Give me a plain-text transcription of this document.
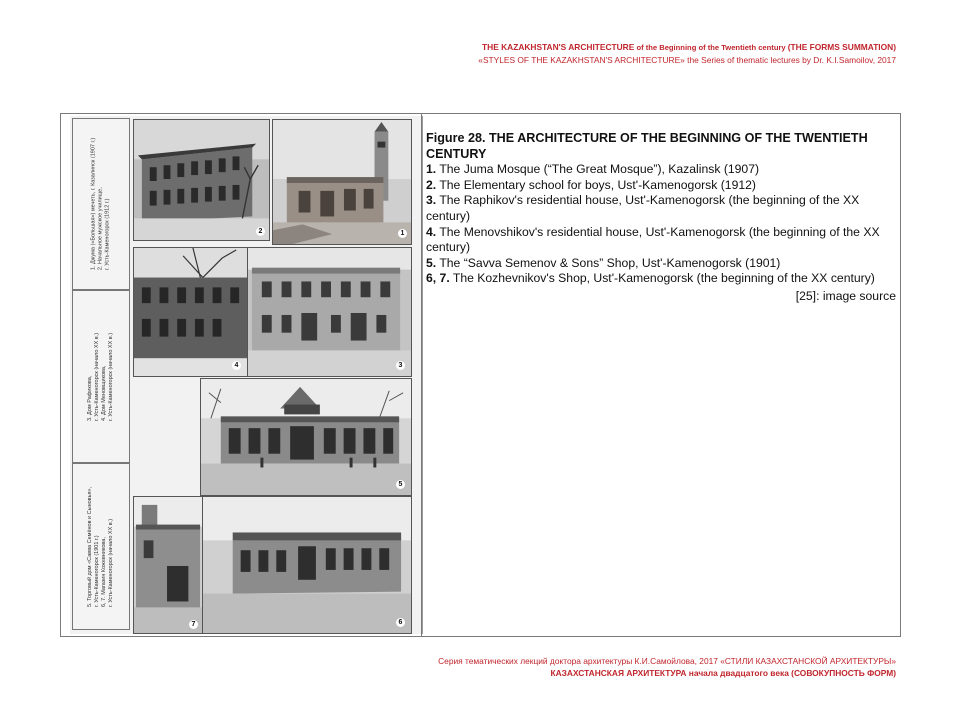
THE KAZAKHSTAN'S ARCHITECTURE of the Beginning of the Twentieth century (THE FORMS SUMMATION)
«STYLES OF THE KAZAKHSTAN'S ARCHITECTURE» the Series of thematic lectures by Dr. K.I.Samoilov, 2017
1. Джума («Большая») мечеть, г. Казалинск (1907 г.) 2. Начальное мужское училище, г. Усть-Каменогорск (1912 г.)
3. Дом Рафикова, г. Усть-Каменогорск (начало XX в.) 4. Дом Меновщикова, г. Усть-Каменогорск (начало XX в.)
5. Торговый дом «Савва Семёнов и Сыновья», г. Усть-Каменогорск (1901 г.) 6, 7. Магазин Кожевникова, г. Усть-Каменогорск (начало XX в.)
2	1
4	3
5
7	6
Figure 28. THE ARCHITECTURE OF THE BEGINNING OF THE TWENTIETH CENTURY
1. The Juma Mosque (“The Great Mosque”), Kazalinsk (1907)
2. The Elementary school for boys, Ust'-Kamenogorsk (1912)
3. The Raphikov's residential house, Ust'-Kamenogorsk (the beginning of the XX century)
4. The Menovshikov's residential house, Ust'-Kamenogorsk (the beginning of the XX century)
5. The “Savva Semenov & Sons” Shop, Ust'-Kamenogorsk (1901)
6, 7. The Kozhevnikov's Shop, Ust'-Kamenogorsk (the beginning of the XX century)
[25]: image source
Серия тематических лекций доктора архитектуры К.И.Самойлова, 2017 «СТИЛИ КАЗАХСТАНСКОЙ АРХИТЕКТУРЫ»
КАЗАХСТАНСКАЯ АРХИТЕКТУРА начала двадцатого века (СОВОКУПНОСТЬ ФОРМ)
